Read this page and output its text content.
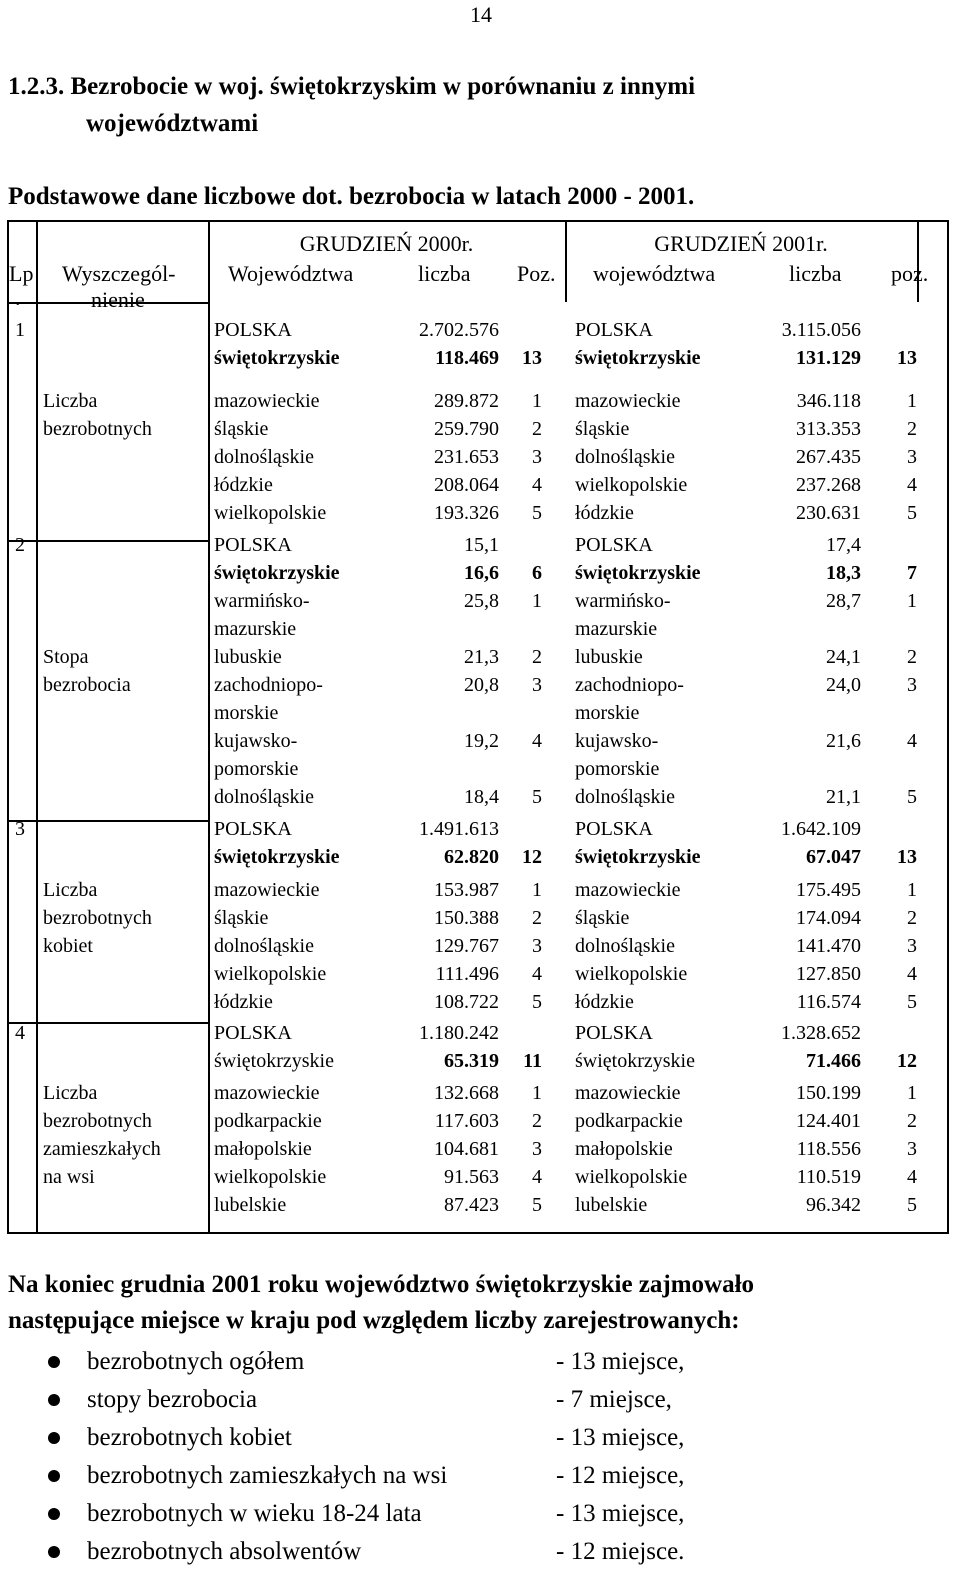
14
1.2.3. Bezrobocie w woj. świętokrzyskim w porównaniu z innymi
województwami
Podstawowe dane liczbowe dot. bezrobocia w latach 2000 - 2001.
GRUDZIEŃ 2000r.	GRUDZIEŃ 2001r.
Lp
.
Wyszczegól-
nienie
Województwa	liczba Poz. województwa	liczba poz.
1	POLSKA	2.702.576	POLSKA	3.115.056
świętokrzyskie	118.469	13 świętokrzyskie	131.129	13
Liczba	mazowieckie	289.872	1 mazowieckie	346.118	1
bezrobotnych	śląskie	259.790	2 śląskie	313.353	2
dolnośląskie	231.653	3 dolnośląskie	267.435	3
łódzkie	208.064	4 wielkopolskie	237.268	4
wielkopolskie	193.326	5 łódzkie	230.631	5
2	POLSKA	15,1	POLSKA	17,4
świętokrzyskie	16,6	6 świętokrzyskie	18,3	7
warmińsko-	25,8	1 warmińsko-	28,7	1
mazurskie	mazurskie
Stopa	lubuskie	21,3	2 lubuskie	24,1	2
bezrobocia	zachodniopo-	20,8	3 zachodniopo-	24,0	3
morskie	morskie
kujawsko-	19,2	4 kujawsko-	21,6	4
pomorskie	pomorskie
dolnośląskie	18,4	5 dolnośląskie	21,1	5
3	POLSKA	1.491.613	POLSKA	1.642.109
świętokrzyskie	62.820	12 świętokrzyskie	67.047	13
Liczba	mazowieckie	153.987	1 mazowieckie	175.495	1
bezrobotnych	śląskie	150.388	2 śląskie	174.094	2
kobiet	dolnośląskie	129.767	3 dolnośląskie	141.470	3
wielkopolskie	111.496	4 wielkopolskie	127.850	4
łódzkie	108.722	5 łódzkie	116.574	5
4	POLSKA	1.180.242	POLSKA	1.328.652
świętokrzyskie	65.319	11 świętokrzyskie	71.466	12
Liczba	mazowieckie	132.668	1 mazowieckie	150.199	1
bezrobotnych	podkarpackie	117.603	2 podkarpackie	124.401	2
zamieszkałych	małopolskie	104.681	3 małopolskie	118.556	3
na wsi	wielkopolskie	91.563	4 wielkopolskie	110.519	4
lubelskie	87.423	5 lubelskie	96.342	5
Na koniec grudnia 2001 roku województwo świętokrzyskie zajmowało
następujące miejsce w kraju pod względem liczby zarejestrowanych:
bezrobotnych ogółem	- 13 miejsce,
stopy bezrobocia	- 7 miejsce,
bezrobotnych kobiet	- 13 miejsce,
bezrobotnych zamieszkałych na wsi	- 12 miejsce,
bezrobotnych w wieku 18-24 lata	- 13 miejsce,
bezrobotnych absolwentów	- 12 miejsce.
